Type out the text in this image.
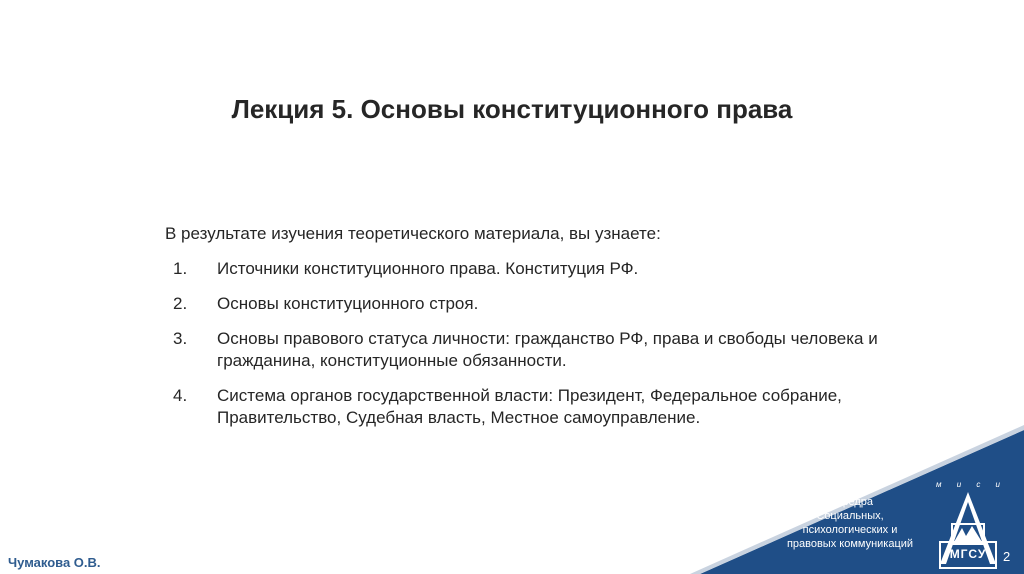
Лекция 5. Основы конституционного права
В результате изучения теоретического материала, вы узнаете:
1. Источники конституционного права. Конституция РФ.
2. Основы конституционного строя.
3. Основы правового статуса личности: гражданство РФ, права и свободы человека и гражданина, конституционные обязанности.
4. Система органов государственной власти: Президент, Федеральное собрание, Правительство, Судебная власть, Местное самоуправление.
Кафедра
Социальных,
психологических и
правовых коммуникаций
м и с и
МГСУ
Чумакова О.В.	2
